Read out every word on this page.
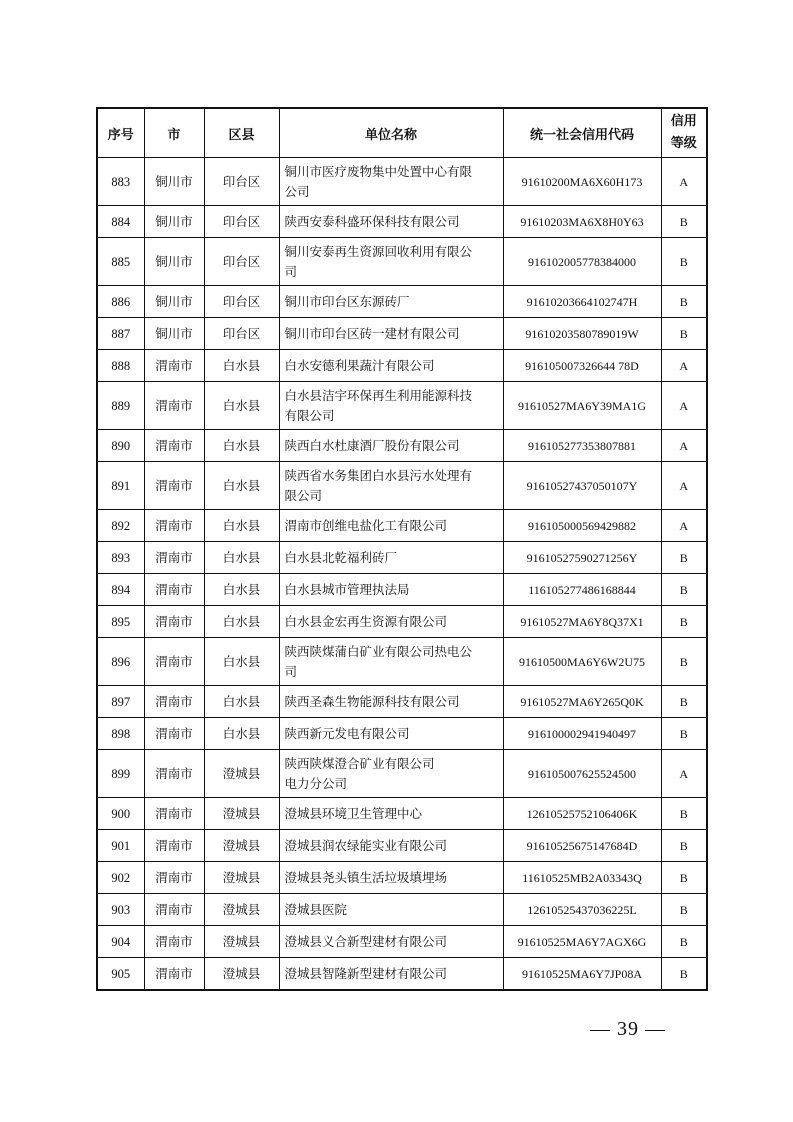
序号	市	区县	单位名称	统一社会信用代码	信用
等级

883	铜川市	印台区	铜川市医疗废物集中处置中心有限
公司	91610200MA6X60H173	A
884	铜川市	印台区	陕西安泰科盛环保科技有限公司	91610203MA6X8H0Y63	B
885	铜川市	印台区	铜川安泰再生资源回收利用有限公
司	916102005778384000	B
886	铜川市	印台区	铜川市印台区东源砖厂	91610203664102747H	B
887	铜川市	印台区	铜川市印台区砖一建材有限公司	91610203580789019W	B
888	渭南市	白水县	白水安德利果蔬汁有限公司	916105007326644 78D	A
889	渭南市	白水县	白水县洁宇环保再生利用能源科技
有限公司	91610527MA6Y39MA1G	A
890	渭南市	白水县	陕西白水杜康酒厂股份有限公司	916105277353807881	A
891	渭南市	白水县	陕西省水务集团白水县污水处理有
限公司	91610527437050107Y	A
892	渭南市	白水县	渭南市创维电盐化工有限公司	916105000569429882	A
893	渭南市	白水县	白水县北乾福利砖厂	91610527590271256Y	B
894	渭南市	白水县	白水县城市管理执法局	116105277486168844	B
895	渭南市	白水县	白水县金宏再生资源有限公司	91610527MA6Y8Q37X1	B
896	渭南市	白水县	陕西陕煤蒲白矿业有限公司热电公
司	91610500MA6Y6W2U75	B
897	渭南市	白水县	陕西圣森生物能源科技有限公司	91610527MA6Y265Q0K	B
898	渭南市	白水县	陕西新元发电有限公司	916100002941940497	B
899	渭南市	澄城县	陕西陕煤澄合矿业有限公司
电力分公司	916105007625524500	A
900	渭南市	澄城县	澄城县环境卫生管理中心	12610525752106406K	B
901	渭南市	澄城县	澄城县润农绿能实业有限公司	91610525675147684D	B
902	渭南市	澄城县	澄城县尧头镇生活垃圾填埋场	11610525MB2A03343Q	B
903	渭南市	澄城县	澄城县医院	12610525437036225L	B
904	渭南市	澄城县	澄城县义合新型建材有限公司	91610525MA6Y7AGX6G	B
905	渭南市	澄城县	澄城县智隆新型建材有限公司	91610525MA6Y7JP08A	B
— 39 —
